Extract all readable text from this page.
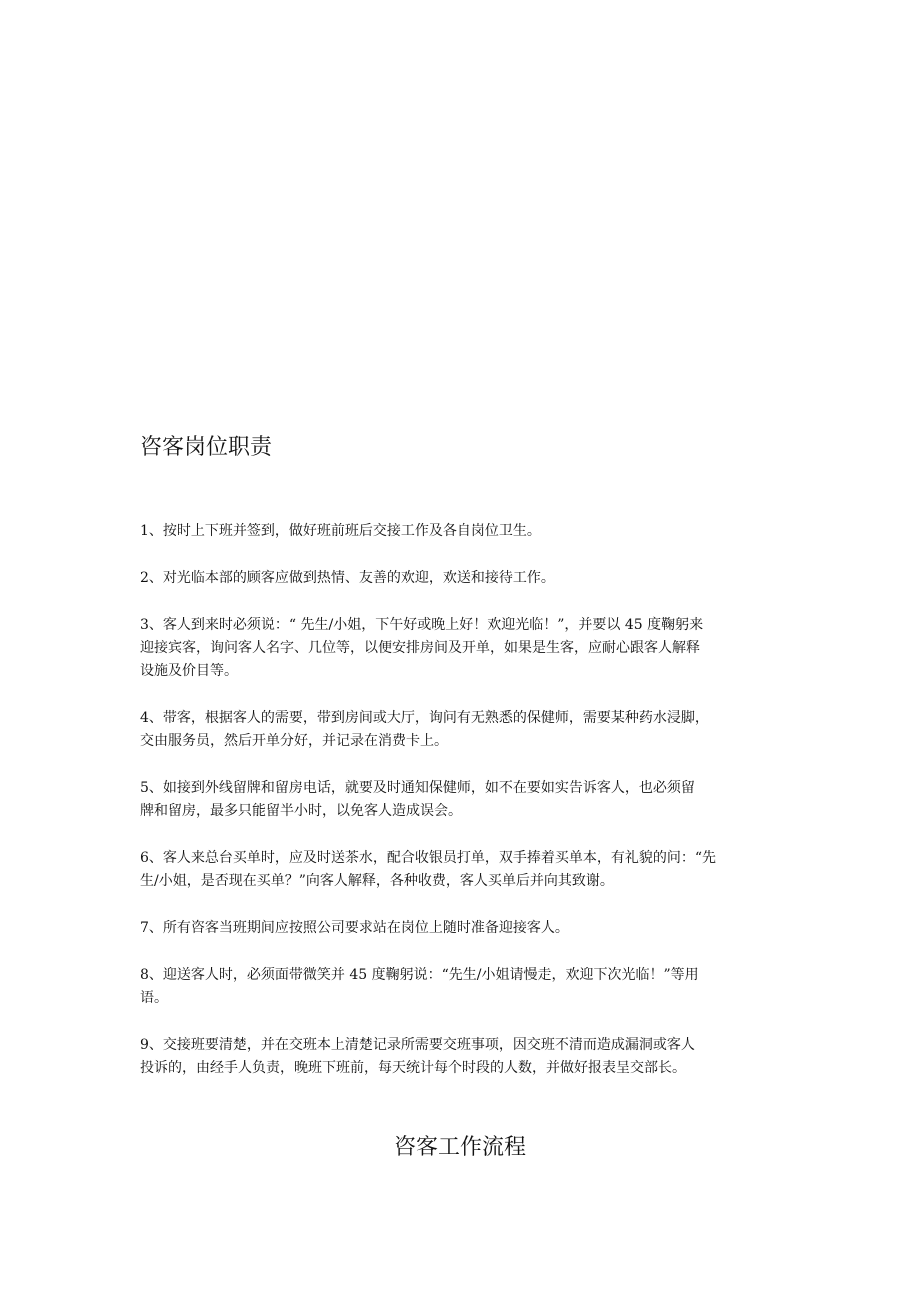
咨客岗位职责
1、按时上下班并签到，做好班前班后交接工作及各自岗位卫生。
2、对光临本部的顾客应做到热情、友善的欢迎，欢送和接待工作。
3、客人到来时必须说：“ 先生/小姐，下午好或晚上好！欢迎光临！”，并要以 45 度鞠躬来
迎接宾客，询问客人名字、几位等，以便安排房间及开单，如果是生客，应耐心跟客人解释
设施及价目等。
4、带客，根据客人的需要，带到房间或大厅，询问有无熟悉的保健师，需要某种药水浸脚，
交由服务员，然后开单分好，并记录在消费卡上。
5、如接到外线留牌和留房电话，就要及时通知保健师，如不在要如实告诉客人，也必须留
牌和留房，最多只能留半小时，以免客人造成误会。
6、客人来总台买单时，应及时送茶水，配合收银员打单，双手捧着买单本，有礼貌的问：“先
生/小姐，是否现在买单？”向客人解释，各种收费，客人买单后并向其致谢。
7、所有咨客当班期间应按照公司要求站在岗位上随时准备迎接客人。
8、迎送客人时，必须面带微笑并 45 度鞠躬说：“先生/小姐请慢走，欢迎下次光临！”等用
语。
9、交接班要清楚，并在交班本上清楚记录所需要交班事项，因交班不清而造成漏洞或客人
投诉的，由经手人负责，晚班下班前，每天统计每个时段的人数，并做好报表呈交部长。
咨客工作流程
